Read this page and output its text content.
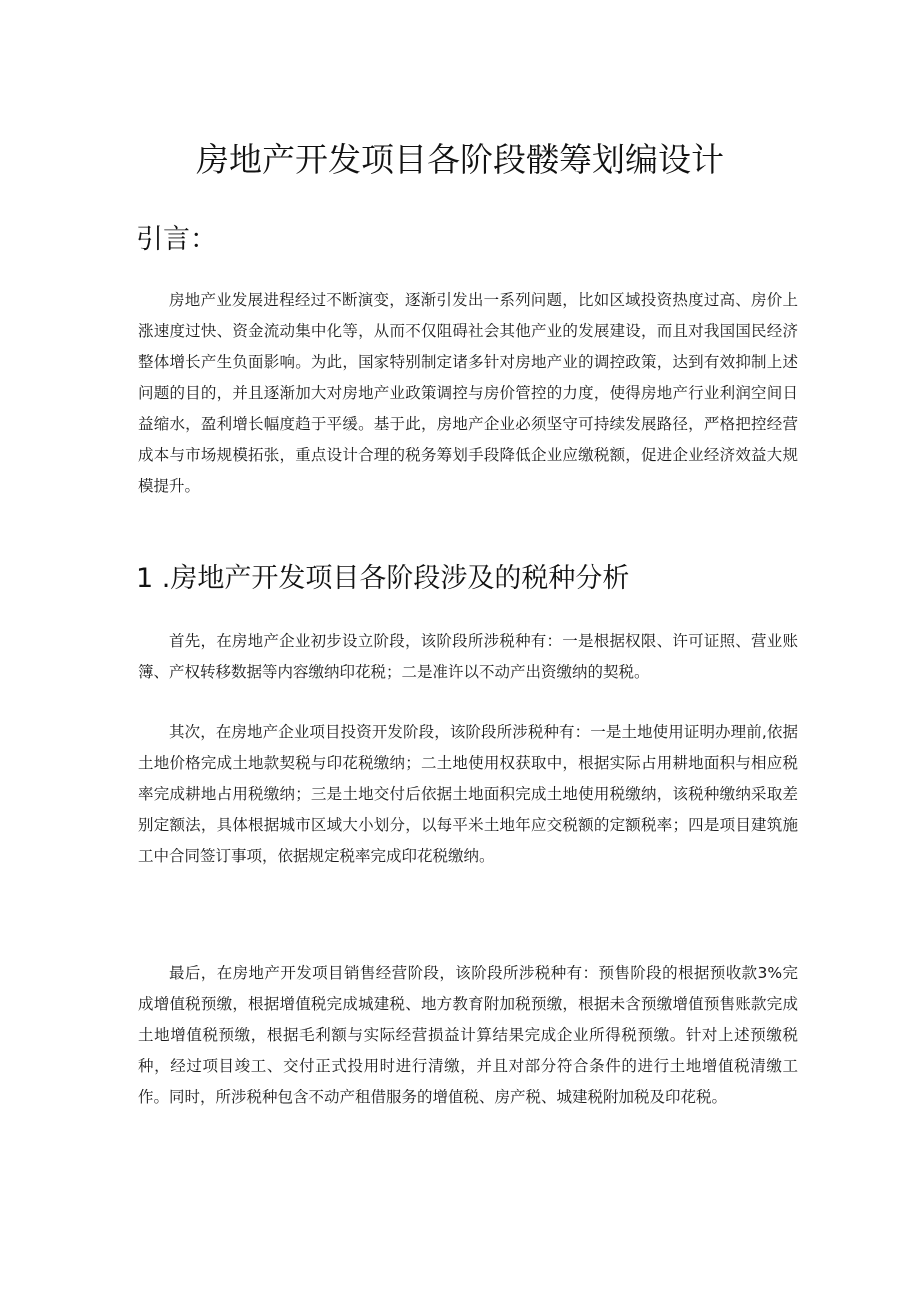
房地产开发项目各阶段髅筹划编设计
引言：

房地产业发展进程经过不断演变，逐渐引发出一系列问题，比如区域投资热度过高、房价上涨速度过快、资金流动集中化等，从而不仅阻碍社会其他产业的发展建设，而且对我国国民经济整体增长产生负面影响。为此，国家特别制定诸多针对房地产业的调控政策，达到有效抑制上述问题的目的，并且逐渐加大对房地产业政策调控与房价管控的力度，使得房地产行业利润空间日益缩水，盈利增长幅度趋于平缓。基于此，房地产企业必须坚守可持续发展路径，严格把控经营成本与市场规模拓张，重点设计合理的税务筹划手段降低企业应缴税额，促进企业经济效益大规模提升。

1 .房地产开发项目各阶段涉及的税种分析

首先，在房地产企业初步设立阶段，该阶段所涉税种有：一是根据权限、许可证照、营业账簿、产权转移数据等内容缴纳印花税；二是准许以不动产出资缴纳的契税。

其次，在房地产企业项目投资开发阶段，该阶段所涉税种有：一是土地使用证明办理前,依据土地价格完成土地款契税与印花税缴纳；二土地使用权获取中，根据实际占用耕地面积与相应税率完成耕地占用税缴纳；三是土地交付后依据土地面积完成土地使用税缴纳，该税种缴纳采取差别定额法，具体根据城市区域大小划分，以每平米土地年应交税额的定额税率；四是项目建筑施工中合同签订事项，依据规定税率完成印花税缴纳。

最后，在房地产开发项目销售经营阶段，该阶段所涉税种有：预售阶段的根据预收款3%完成增值税预缴，根据增值税完成城建税、地方教育附加税预缴，根据未含预缴增值预售账款完成土地增值税预缴，根据毛利额与实际经营损益计算结果完成企业所得税预缴。针对上述预缴税种，经过项目竣工、交付正式投用时进行清缴，并且对部分符合条件的进行土地增值税清缴工作。同时，所涉税种包含不动产租借服务的增值税、房产税、城建税附加税及印花税。
